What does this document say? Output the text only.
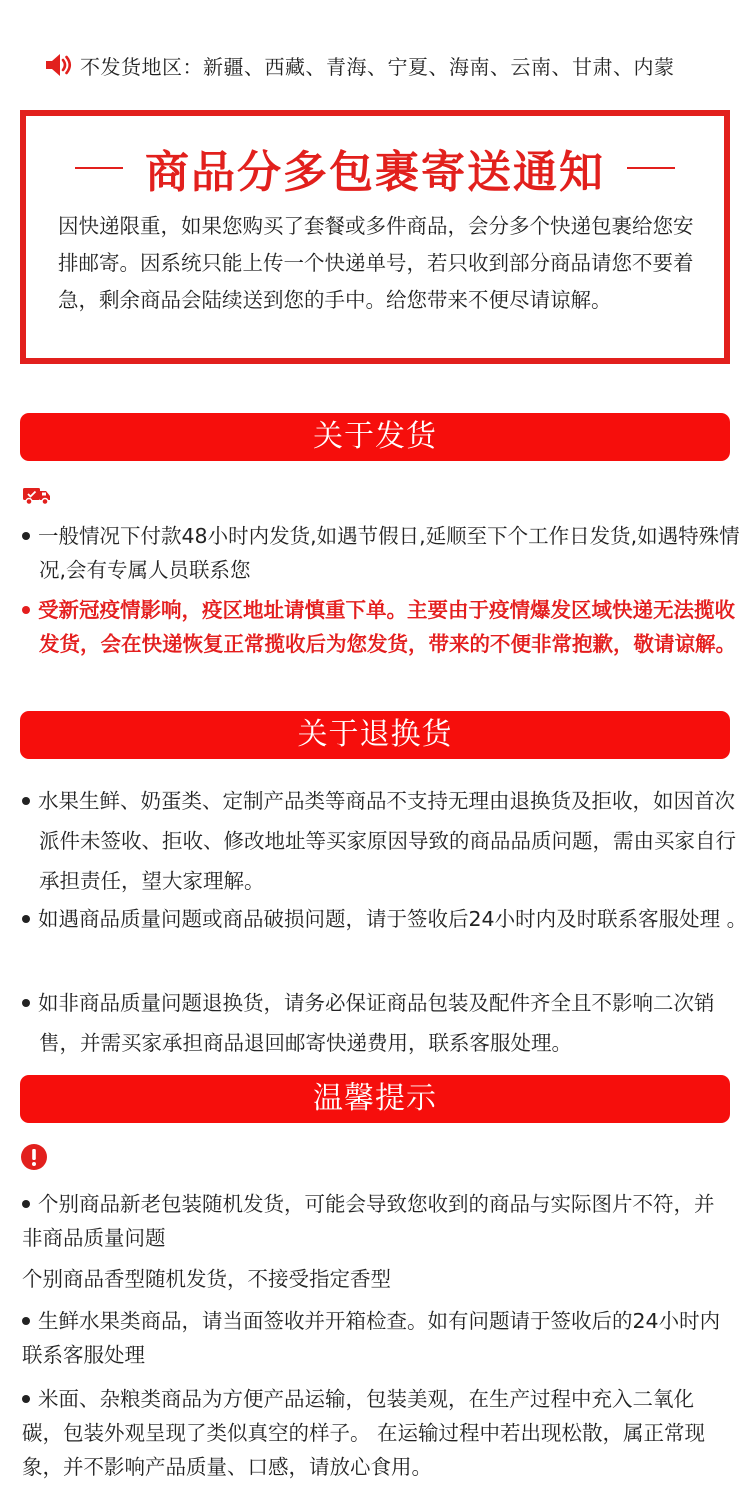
不发货地区：新疆、西藏、青海、宁夏、海南、云南、甘肃、内蒙
商品分多包裹寄送通知
因快递限重，如果您购买了套餐或多件商品，会分多个快递包裹给您安排邮寄。因系统只能上传一个快递单号，若只收到部分商品请您不要着急，剩余商品会陆续送到您的手中。给您带来不便尽请谅解。
关于发货
一般情况下付款48小时内发货,如遇节假日,延顺至下个工作日发货,如遇特殊情况,会有专属人员联系您
受新冠疫情影响，疫区地址请慎重下单。主要由于疫情爆发区域快递无法揽收发货，会在快递恢复正常揽收后为您发货，带来的不便非常抱歉，敬请谅解。
关于退换货
水果生鲜、奶蛋类、定制产品类等商品不支持无理由退换货及拒收，如因首次派件未签收、拒收、修改地址等买家原因导致的商品品质问题，需由买家自行承担责任，望大家理解。
如遇商品质量问题或商品破损问题，请于签收后24小时内及时联系客服处理 。
如非商品质量问题退换货，请务必保证商品包装及配件齐全且不影响二次销售，并需买家承担商品退回邮寄快递费用，联系客服处理。
温馨提示
个别商品新老包装随机发货，可能会导致您收到的商品与实际图片不符，并非商品质量问题
个别商品香型随机发货，不接受指定香型
生鲜水果类商品，请当面签收并开箱检查。如有问题请于签收后的24小时内联系客服处理
米面、杂粮类商品为方便产品运输，包装美观，在生产过程中充入二氧化碳，包装外观呈现了类似真空的样子。 在运输过程中若出现松散，属正常现象，并不影响产品质量、口感，请放心食用。
